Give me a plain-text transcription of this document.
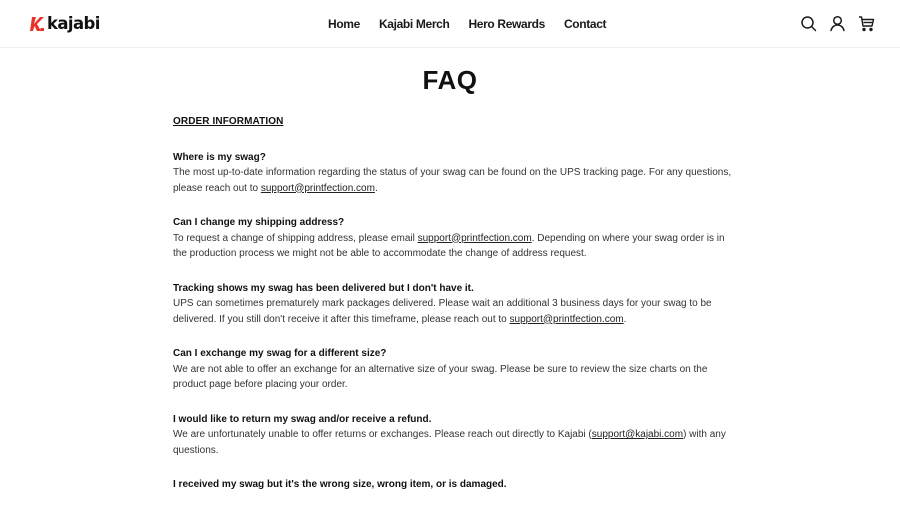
kajabi	Home Kajabi Merch Hero Rewards Contact
FAQ
ORDER INFORMATION
Where is my swag?
The most up-to-date information regarding the status of your swag can be found on the UPS tracking page. For any questions, please reach out to support@printfection.com.
Can I change my shipping address?
To request a change of shipping address, please email support@printfection.com. Depending on where your swag order is in the production process we might not be able to accommodate the change of address request.
Tracking shows my swag has been delivered but I don't have it.
UPS can sometimes prematurely mark packages delivered. Please wait an additional 3 business days for your swag to be delivered. If you still don't receive it after this timeframe, please reach out to support@printfection.com.
Can I exchange my swag for a different size?
We are not able to offer an exchange for an alternative size of your swag. Please be sure to review the size charts on the product page before placing your order.
I would like to return my swag and/or receive a refund.
We are unfortunately unable to offer returns or exchanges. Please reach out directly to Kajabi (support@kajabi.com) with any questions.
I received my swag but it's the wrong size, wrong item, or is damaged.
